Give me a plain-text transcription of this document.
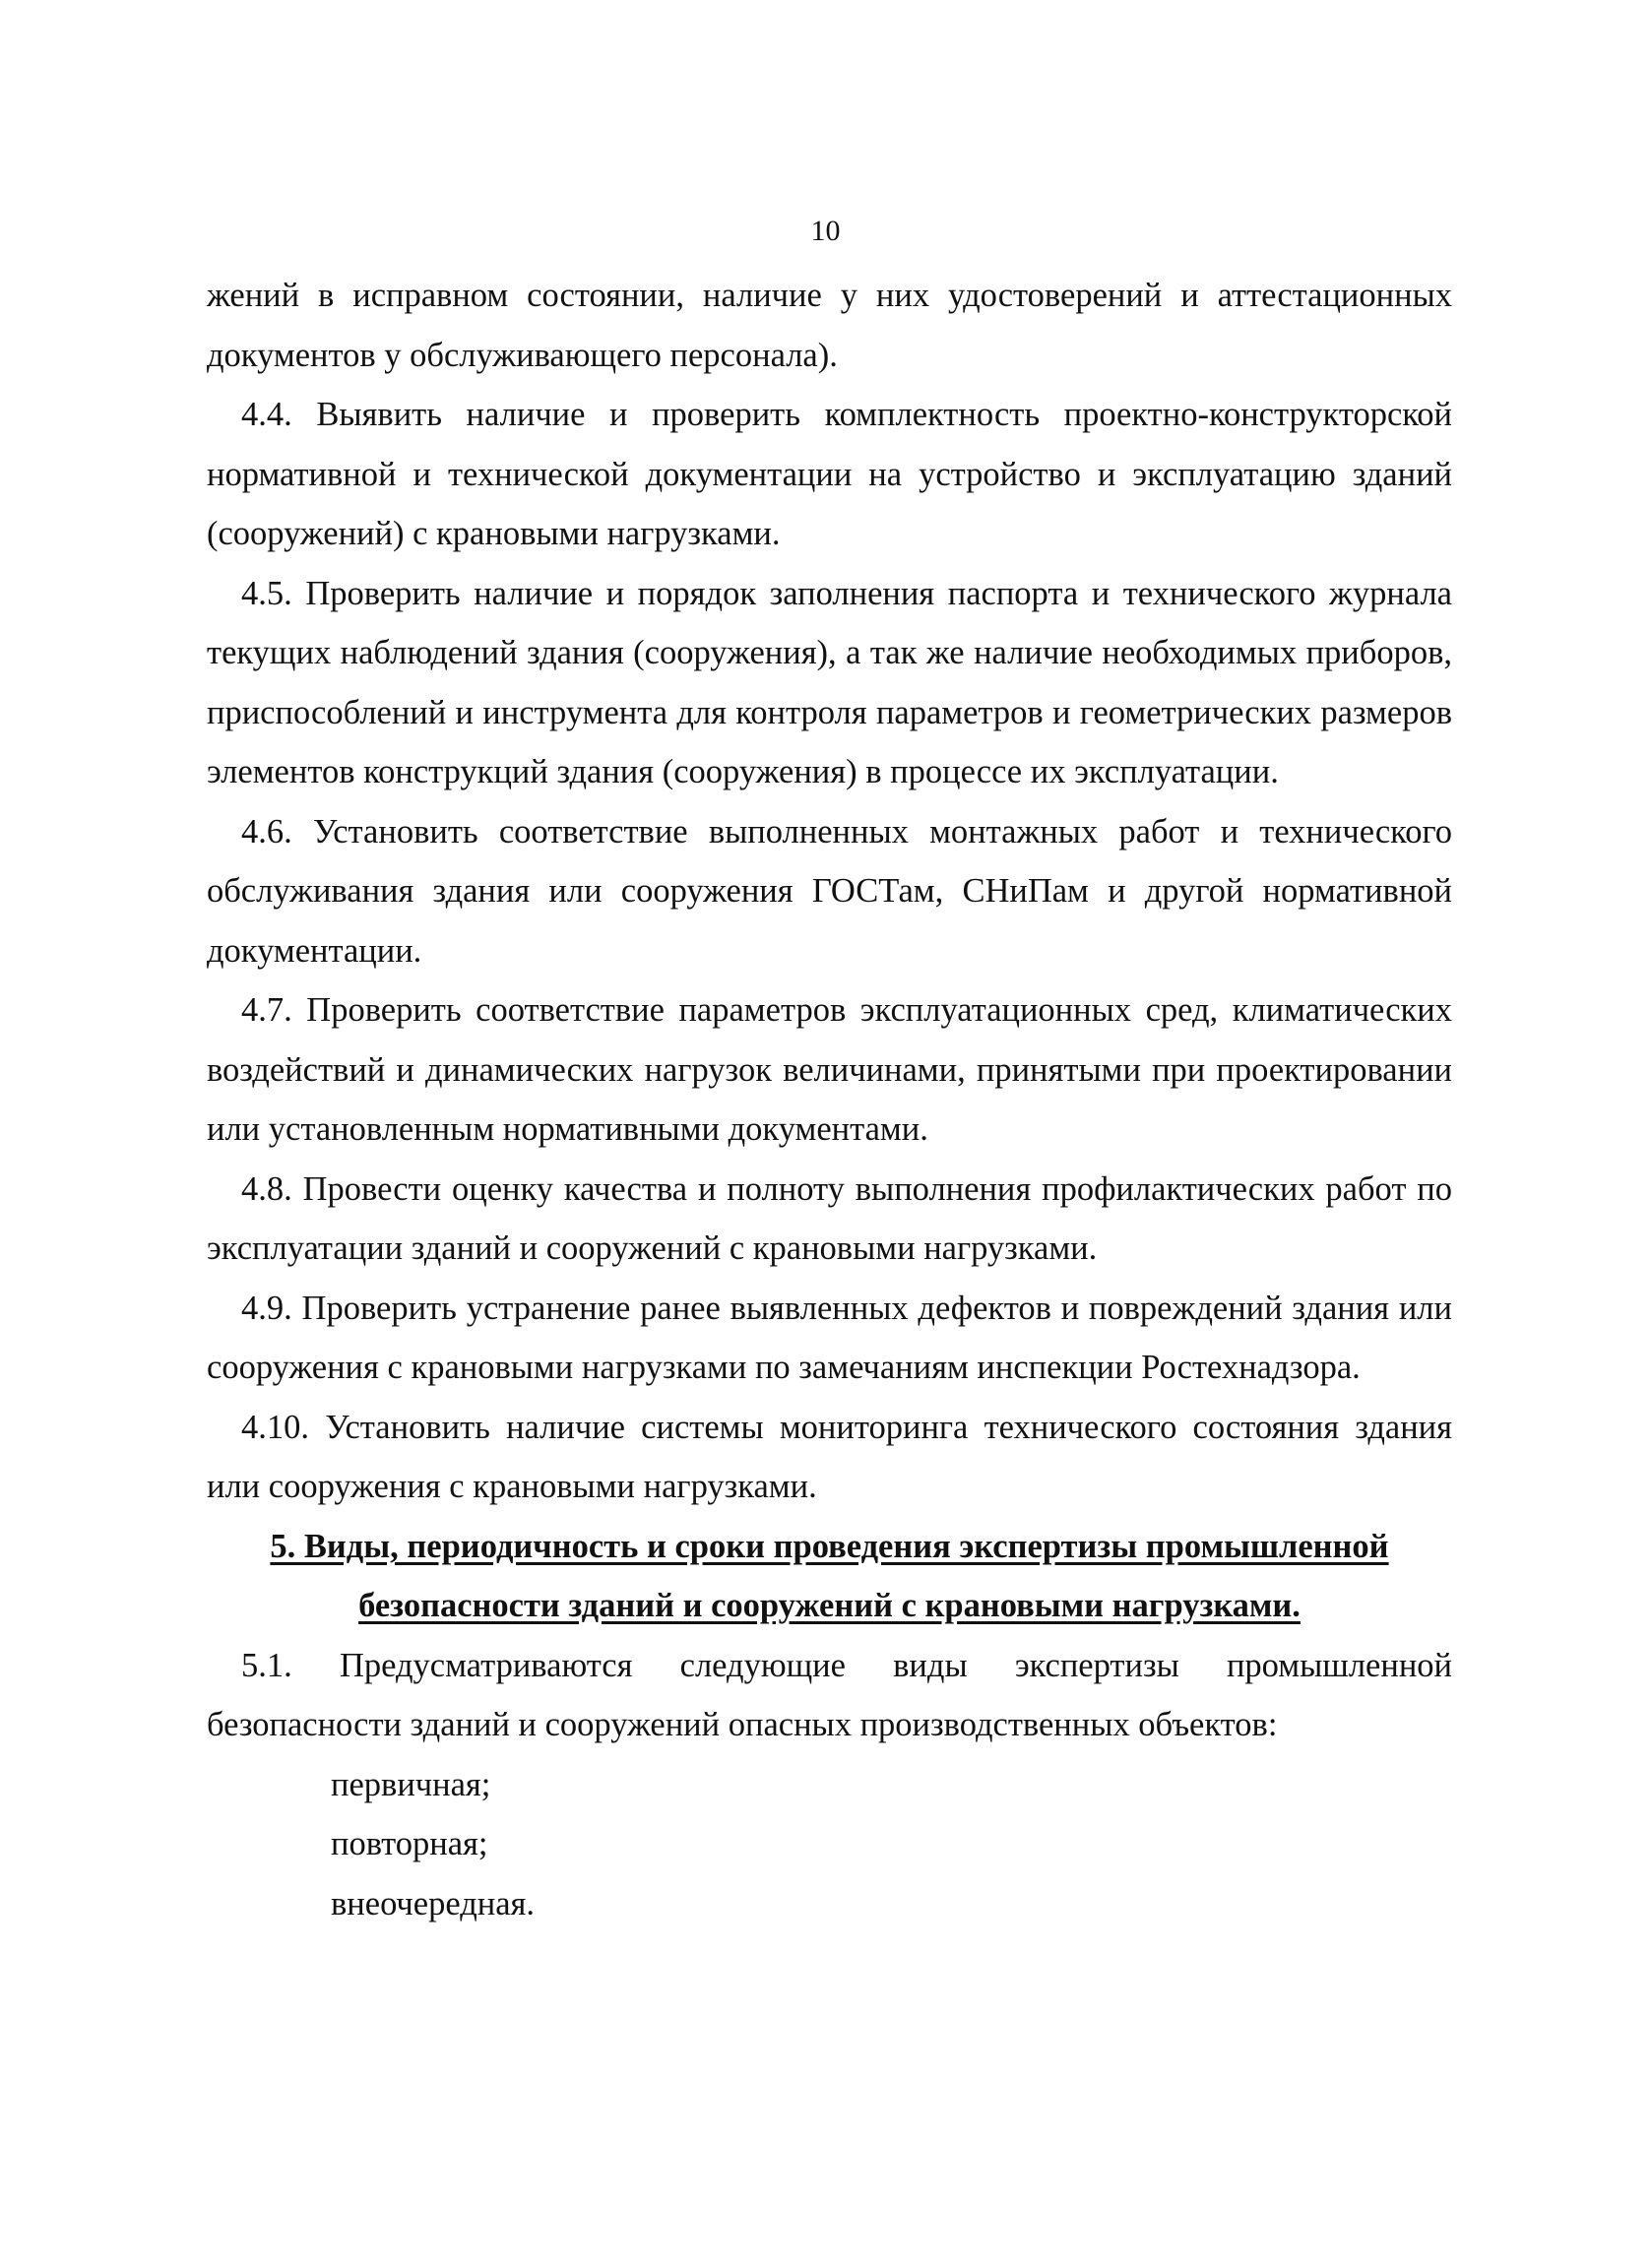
10

жений в исправном состоянии, наличие у них удостоверений и аттестационных документов у обслуживающего персонала).

4.4. Выявить наличие и проверить комплектность проектно-конструкторской нормативной и технической документации на устройство и эксплуатацию зданий (сооружений) с крановыми нагрузками.

4.5. Проверить наличие и порядок заполнения паспорта и технического журнала текущих наблюдений здания (сооружения), а так же наличие необходимых приборов, приспособлений и инструмента для контроля параметров и геометрических размеров элементов конструкций здания (сооружения) в процессе их эксплуатации.

4.6. Установить соответствие выполненных монтажных работ и технического обслуживания здания или сооружения ГОСТам, СНиПам и другой нормативной документации.

4.7. Проверить соответствие параметров эксплуатационных сред, климатических воздействий и динамических нагрузок величинами, принятыми при проектировании или установленным нормативными документами.

4.8. Провести оценку качества и полноту выполнения профилактических работ по эксплуатации зданий и сооружений с крановыми нагрузками.

4.9. Проверить устранение ранее выявленных дефектов и повреждений здания или сооружения с крановыми нагрузками по замечаниям инспекции Ростехнадзора.

4.10. Установить наличие системы мониторинга технического состояния здания или сооружения с крановыми нагрузками.

5. Виды, периодичность и сроки проведения экспертизы промышленной

безопасности зданий и сооружений с крановыми нагрузками.

5.1. Предусматриваются следующие виды экспертизы промышленной безопасности зданий и сооружений опасных производственных объектов:

первичная;
повторная;
внеочередная.
